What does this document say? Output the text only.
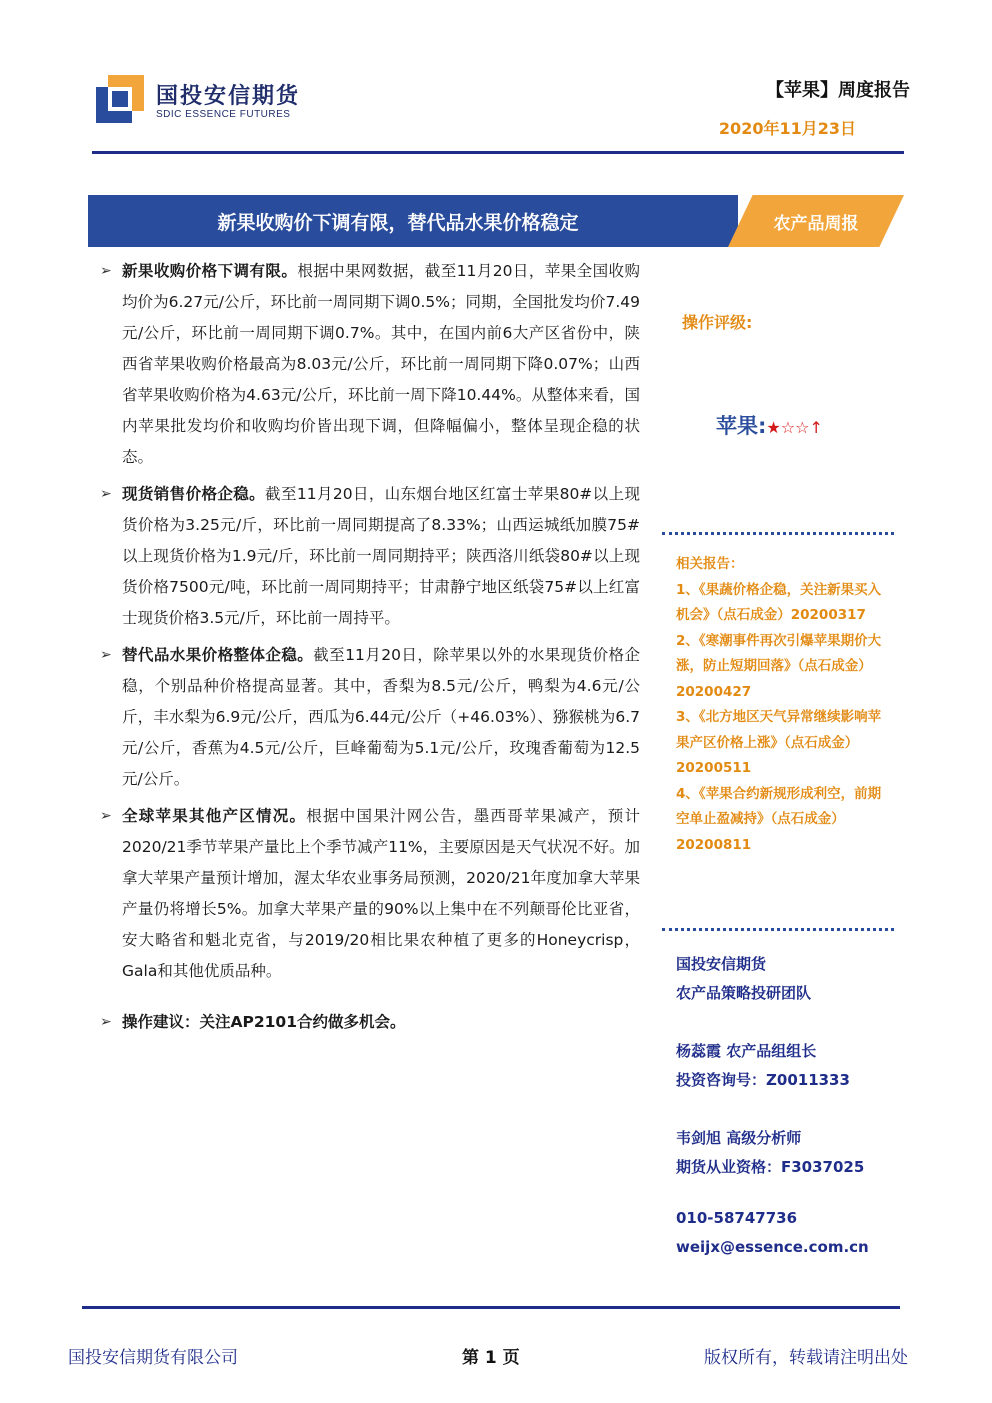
国投安信期货
SDIC ESSENCE FUTURES
【苹果】周度报告
2020年11月23日
新果收购价下调有限，替代品水果价格稳定	农产品周报
➢ 新果收购价格下调有限。根据中果网数据，截至11月20日，苹果全国收购均价为6.27元/公斤，环比前一周同期下调0.5%；同期，全国批发均价7.49元/公斤，环比前一周同期下调0.7%。其中，在国内前6大产区省份中，陕西省苹果收购价格最高为8.03元/公斤，环比前一周同期下降0.07%；山西省苹果收购价格为4.63元/公斤，环比前一周下降10.44%。从整体来看，国内苹果批发均价和收购均价皆出现下调，但降幅偏小，整体呈现企稳的状态。
➢ 现货销售价格企稳。截至11月20日，山东烟台地区红富士苹果80#以上现货价格为3.25元/斤，环比前一周同期提高了8.33%；山西运城纸加膜75#以上现货价格为1.9元/斤，环比前一周同期持平；陕西洛川纸袋80#以上现货价格7500元/吨，环比前一周同期持平；甘肃静宁地区纸袋75#以上红富士现货价格3.5元/斤，环比前一周持平。
➢ 替代品水果价格整体企稳。截至11月20日，除苹果以外的水果现货价格企稳，个别品种价格提高显著。其中，香梨为8.5元/公斤，鸭梨为4.6元/公斤，丰水梨为6.9元/公斤，西瓜为6.44元/公斤（+46.03%）、猕猴桃为6.7元/公斤，香蕉为4.5元/公斤，巨峰葡萄为5.1元/公斤，玫瑰香葡萄为12.5元/公斤。
➢ 全球苹果其他产区情况。根据中国果汁网公告，墨西哥苹果减产，预计2020/21季节苹果产量比上个季节减产11%，主要原因是天气状况不好。加拿大苹果产量预计增加，渥太华农业事务局预测，2020/21年度加拿大苹果产量仍将增长5%。加拿大苹果产量的90%以上集中在不列颠哥伦比亚省，安大略省和魁北克省，与2019/20相比果农种植了更多的Honeycrisp，Gala和其他优质品种。
➢ 操作建议：关注AP2101合约做多机会。
操作评级:
苹果:★☆☆↑
相关报告：
1、《果蔬价格企稳，关注新果买入机会》（点石成金）20200317
2、《寒潮事件再次引爆苹果期价大涨，防止短期回落》（点石成金）20200427
3、《北方地区天气异常继续影响苹果产区价格上涨》（点石成金）20200511
4、《苹果合约新规形成利空，前期空单止盈减持》（点石成金）20200811
国投安信期货
农产品策略投研团队
杨蕊霞 农产品组组长
投资咨询号：Z0011333
韦剑旭 高级分析师
期货从业资格：F3037025
010-58747736
weijx@essence.com.cn
国投安信期货有限公司	第 1 页	版权所有，转载请注明出处
